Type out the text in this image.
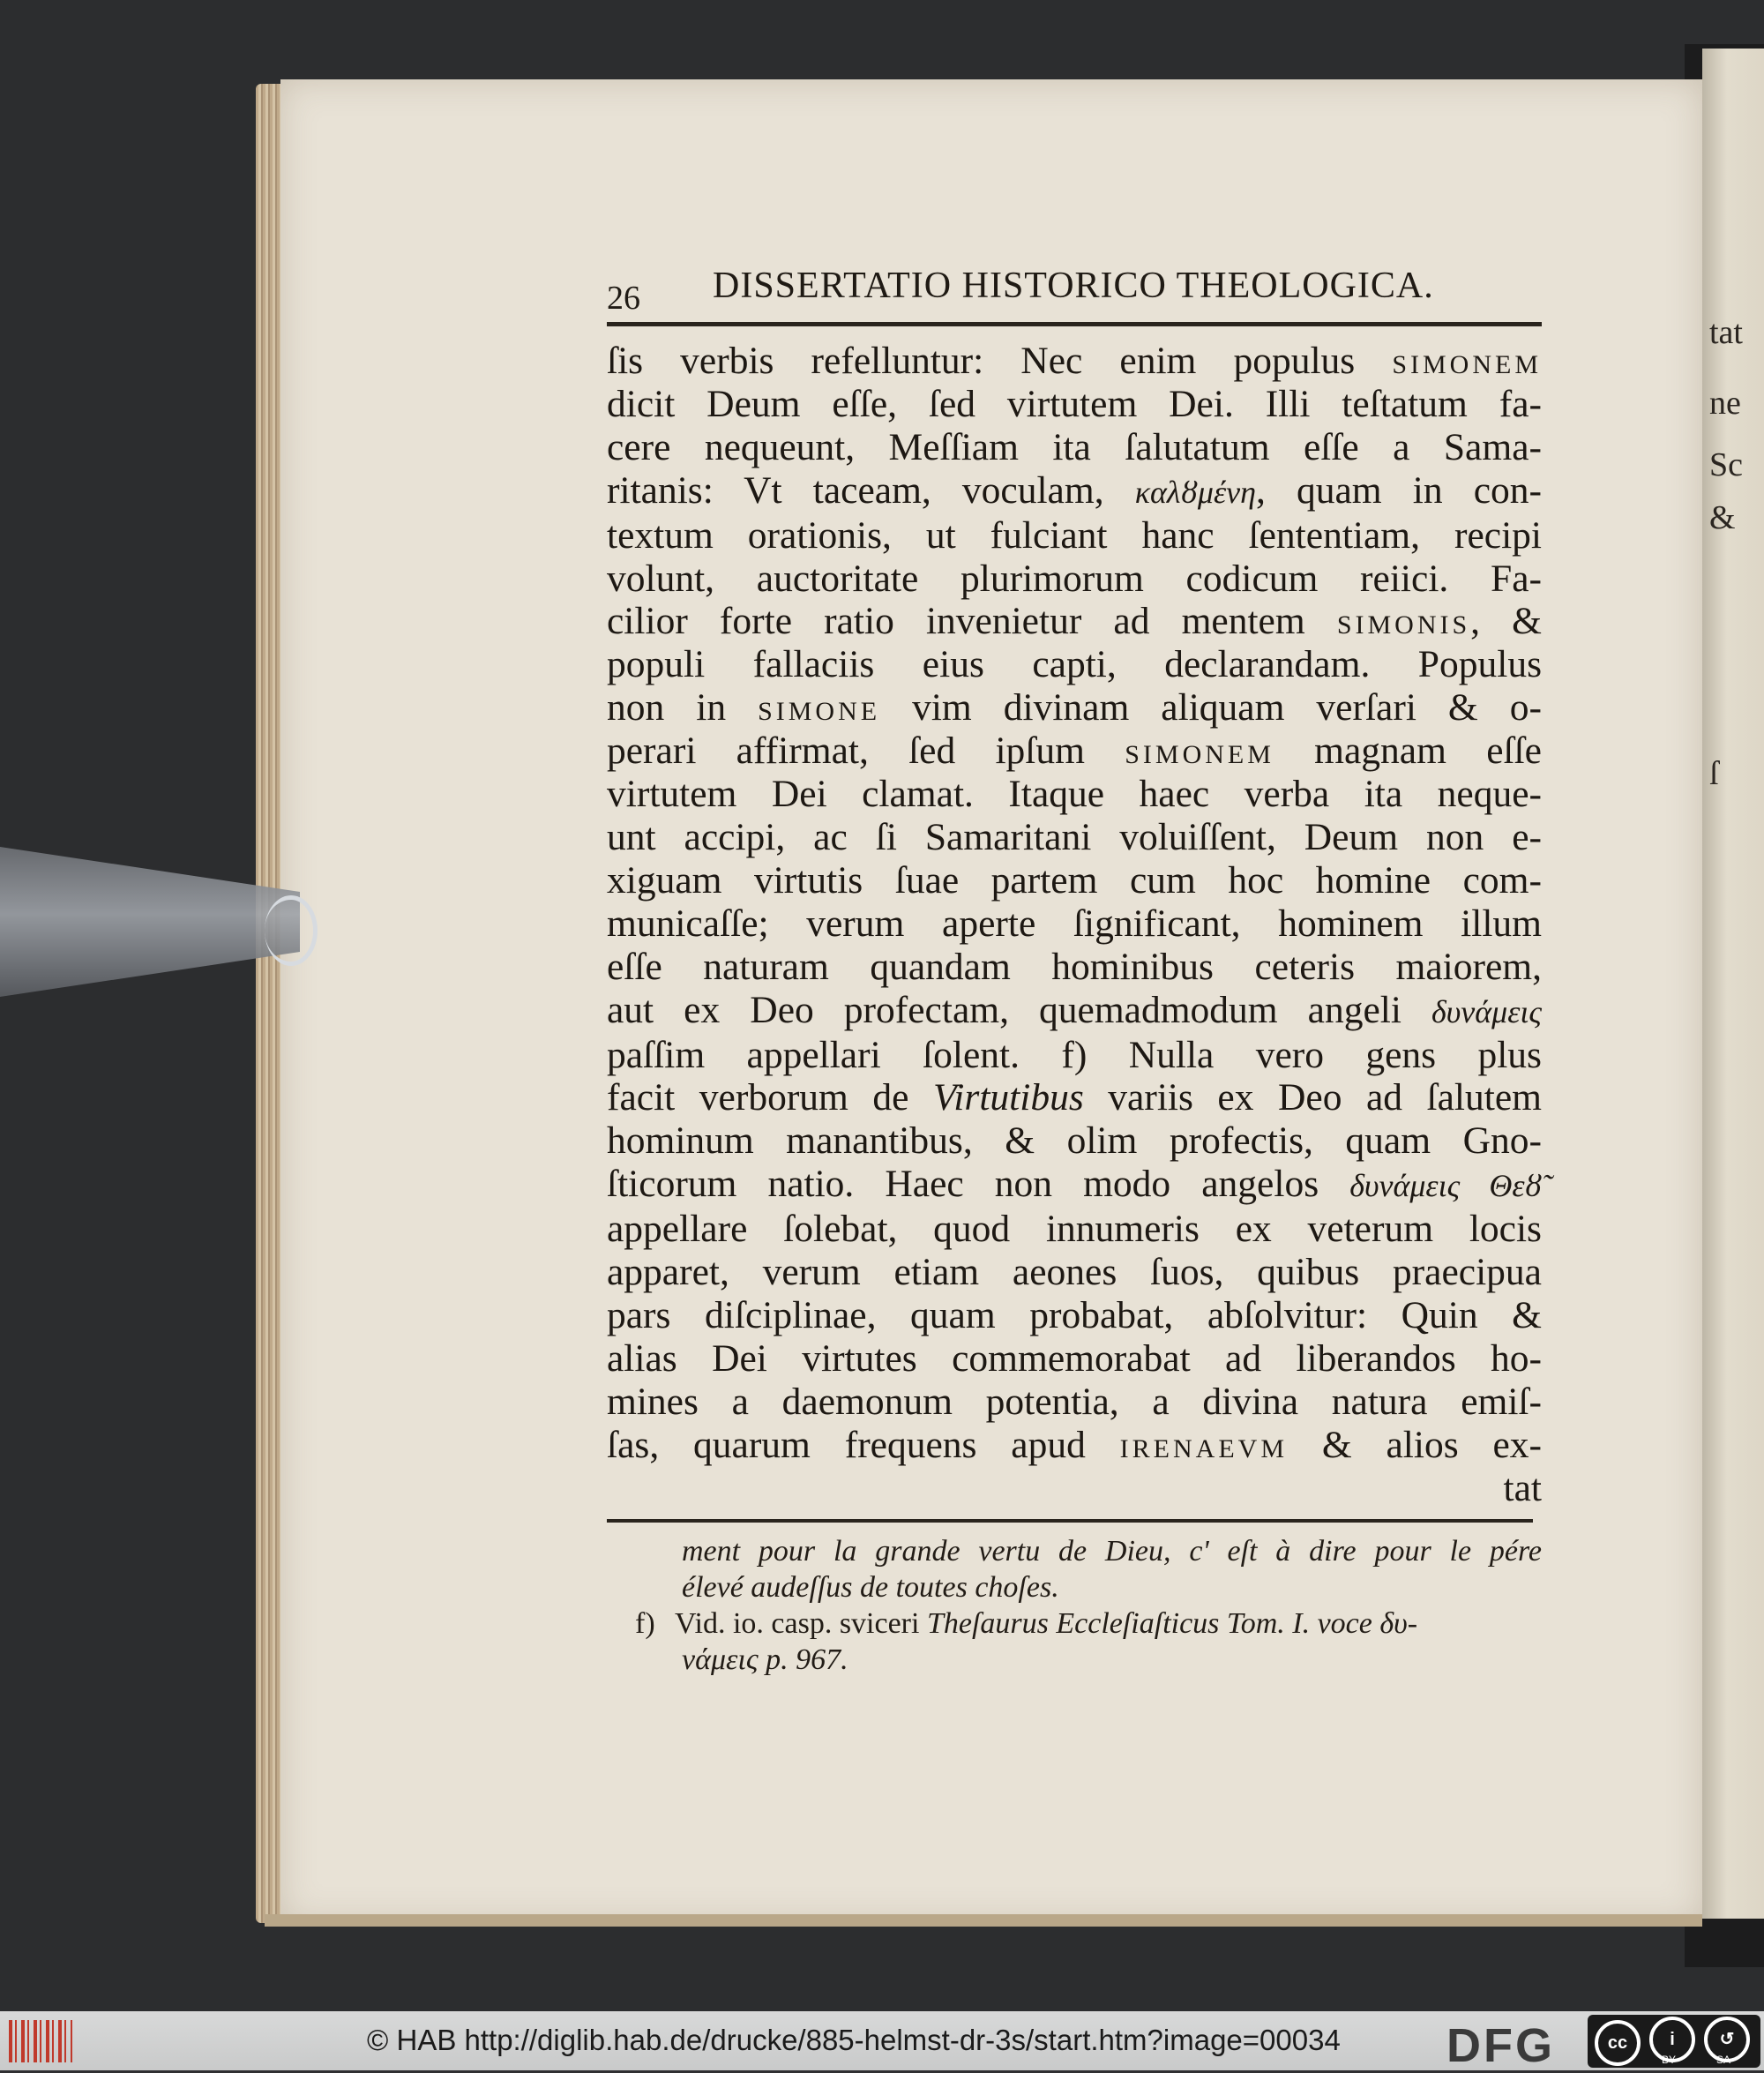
tat
ne
Sc
&
ſ
26 DISSERTATIO HISTORICO THEOLOGICA.
ſis verbis refelluntur: Nec enim populus simonem
dicit Deum eſſe, ſed virtutem Dei. Illi teſtatum fa-
cere nequeunt, Meſſiam ita ſalutatum eſſe a Sama-
ritanis: Vt taceam, voculam, καλȣμένη, quam in con-
textum orationis, ut fulciant hanc ſententiam, recipi
volunt, auctoritate plurimorum codicum reiici. Fa-
cilior forte ratio invenietur ad mentem simonis, &
populi fallaciis eius capti, declarandam. Populus
non in simone vim divinam aliquam verſari & o-
perari affirmat, ſed ipſum simonem magnam eſſe
virtutem Dei clamat. Itaque haec verba ita neque-
unt accipi, ac ſi Samaritani voluiſſent, Deum non e-
xiguam virtutis ſuae partem cum hoc homine com-
municaſſe; verum aperte ſignificant, hominem illum
eſſe naturam quandam hominibus ceteris maiorem,
aut ex Deo profectam, quemadmodum angeli δυνάμεις
paſſim appellari ſolent. f) Nulla vero gens plus
facit verborum de Virtutibus variis ex Deo ad ſalutem
hominum manantibus, & olim profectis, quam Gno-
ſticorum natio. Haec non modo angelos δυνάμεις Θεȣ̃
appellare ſolebat, quod innumeris ex veterum locis
apparet, verum etiam aeones ſuos, quibus praecipua
pars diſciplinae, quam probabat, abſolvitur: Quin &
alias Dei virtutes commemorabat ad liberandos ho-
mines a daemonum potentia, a divina natura emiſ-
ſas, quarum frequens apud irenaevm & alios ex-
tat
ment pour la grande vertu de Dieu, c' eſt à dire pour le pére
élevé audeſſus de toutes choſes.
f) Vid. io. casp. sviceri Theſaurus Eccleſiaſticus Tom. I. voce δυ-
νάμεις p. 967.
© HAB http://diglib.hab.de/drucke/885-helmst-dr-3s/start.htm?image=00034 DFG	cc	i	↺
BY	SA
